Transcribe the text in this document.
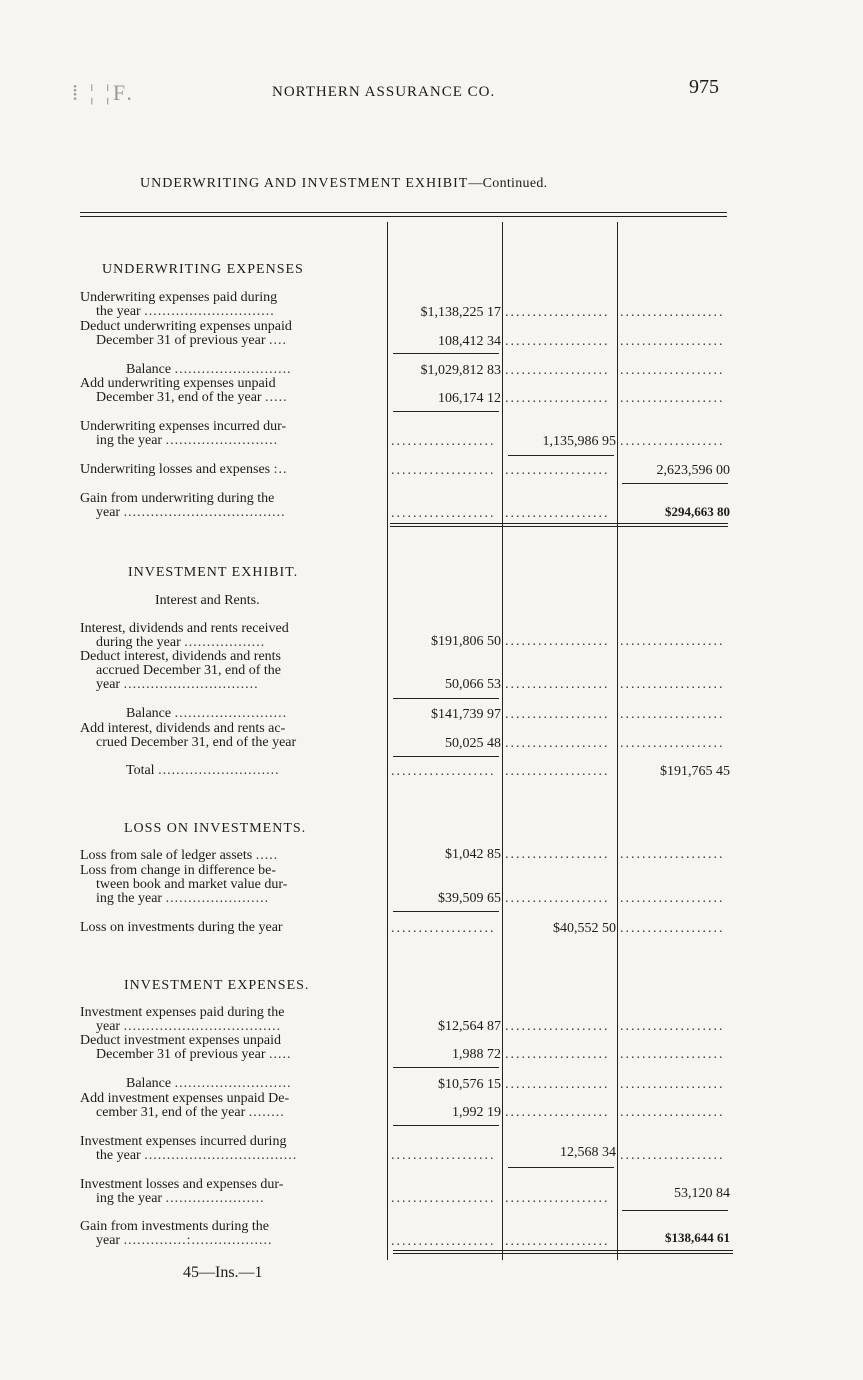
⁞ ¦ ¦F.	NORTHERN ASSURANCE CO.	975
UNDERWRITING AND INVESTMENT EXHIBIT—Continued.
UNDERWRITING EXPENSES
Underwriting expenses paid during
the year .............................	$1,138,225 17 ................... ...................
Deduct underwriting expenses unpaid
December 31 of previous year ....	108,412 34 ................... ...................
Balance ..........................	$1,029,812 83 ................... ...................
Add underwriting expenses unpaid
December 31, end of the year .....	106,174 12 ................... ...................
Underwriting expenses incurred dur-
ing the year .........................	...................	1,135,986 95 ...................
Underwriting losses and expenses :..	................... ...................	2,623,596 00
Gain from underwriting during the
year ....................................	................... ...................	$294,663 80
INVESTMENT EXHIBIT.
Interest and Rents.
Interest, dividends and rents received
during the year ..................	$191,806 50 ................... ...................
Deduct interest, dividends and rents
accrued December 31, end of the
year ..............................	50,066 53 ................... ...................
Balance .........................	$141,739 97 ................... ...................
Add interest, dividends and rents ac-
crued December 31, end of the year	50,025 48 ................... ...................
Total ...........................	................... ...................	$191,765 45
LOSS ON INVESTMENTS.
Loss from sale of ledger assets .....	$1,042 85 ................... ...................
Loss from change in difference be-
tween book and market value dur-
ing the year .......................	$39,509 65 ................... ...................
Loss on investments during the year	...................	$40,552 50 ...................
INVESTMENT EXPENSES.
Investment expenses paid during the
year ...................................	$12,564 87 ................... ...................
Deduct investment expenses unpaid
December 31 of previous year .....	1,988 72 ................... ...................
Balance ..........................	$10,576 15 ................... ...................
Add investment expenses unpaid De-
cember 31, end of the year ........	1,992 19 ................... ...................
Investment expenses incurred during
the year ..................................	...................	12,568 34 ...................
Investment losses and expenses dur-
ing the year ......................	................... ...................	53,120 84
Gain from investments during the
year ..............:..................	................... ...................	$138,644 61
45—Ins.—1
